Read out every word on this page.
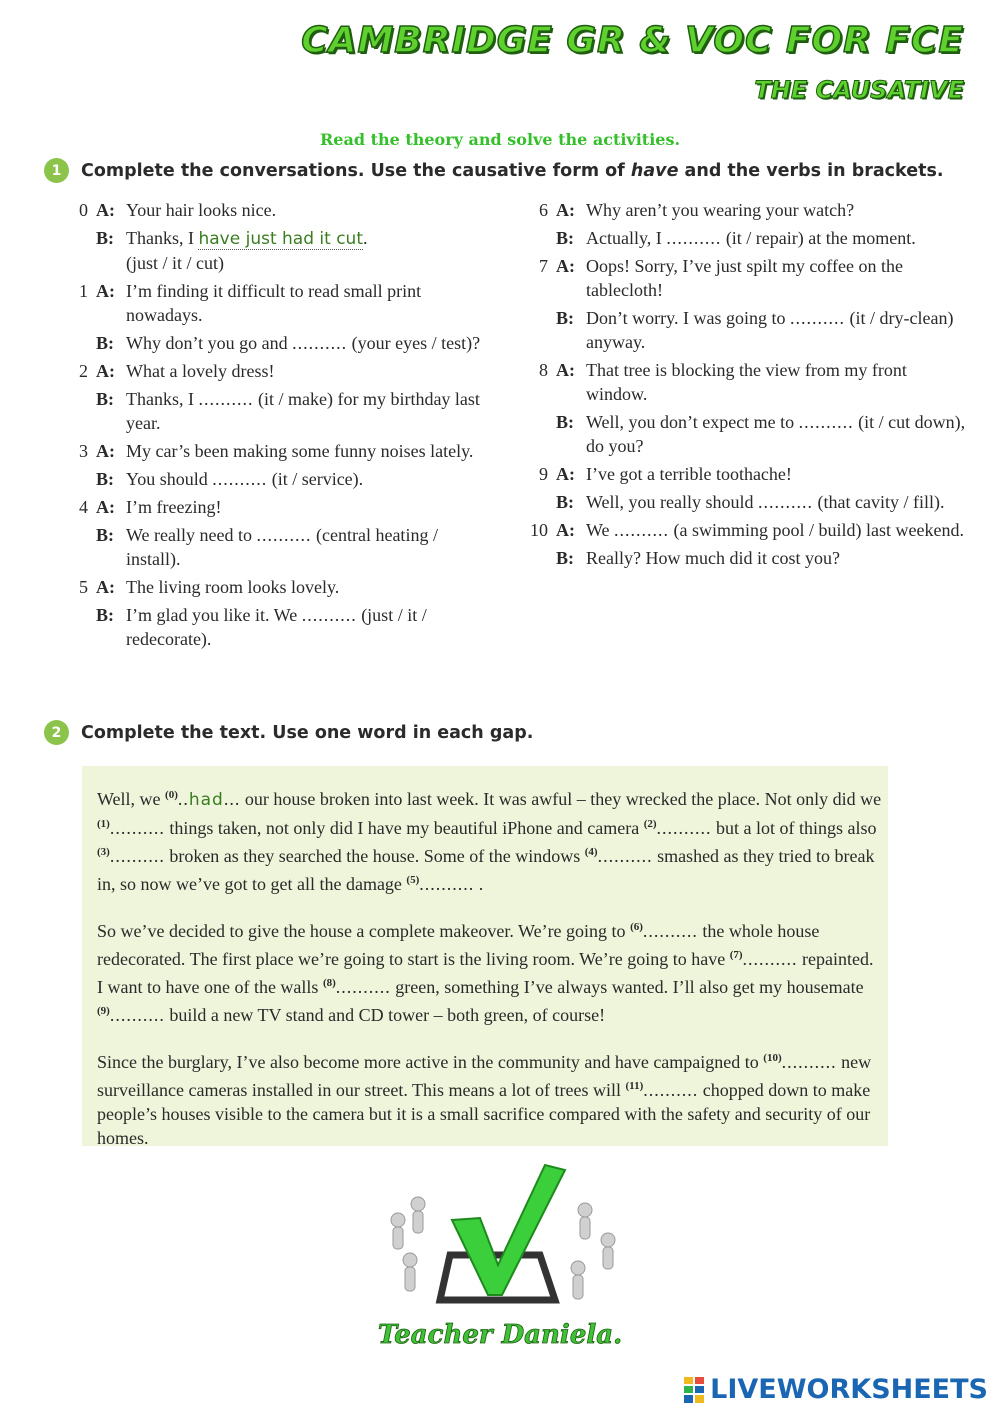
CAMBRIDGE GR & VOC FOR FCE
THE CAUSATIVE
Read the theory and solve the activities.
1	Complete the conversations. Use the causative form of have and the verbs in brackets.
0 A: Your hair looks nice.
B: Thanks, I have just had it cut.
(just / it / cut)
1 A: I’m finding it difficult to read small print nowadays.
B: Why don’t you go and .......... (your eyes / test)?
2 A: What a lovely dress!
B: Thanks, I .......... (it / make) for my birthday last year.
3 A: My car’s been making some funny noises lately.
B: You should .......... (it / service).
4 A: I’m freezing!
B: We really need to .......... (central heating / install).
5 A: The living room looks lovely.
B: I’m glad you like it. We .......... (just / it / redecorate).
6 A: Why aren’t you wearing your watch?
B: Actually, I .......... (it / repair) at the moment.
7 A: Oops! Sorry, I’ve just spilt my coffee on the tablecloth!
B: Don’t worry. I was going to .......... (it / dry-clean) anyway.
8 A: That tree is blocking the view from my front window.
B: Well, you don’t expect me to .......... (it / cut down), do you?
9 A: I’ve got a terrible toothache!
B: Well, you really should .......... (that cavity / fill).
10 A: We .......... (a swimming pool / build) last weekend.
B: Really? How much did it cost you?
2	Complete the text. Use one word in each gap.
Well, we $^{(0)}$..had... our house broken into last week. It was awful – they wrecked the place. Not only did we $^{(1)}$.......... things taken, not only did I have my beautiful iPhone and camera $^{(2)}$.......... but a lot of things also $^{(3)}$.......... broken as they searched the house. Some of the windows $^{(4)}$.......... smashed as they tried to break in, so now we’ve got to get all the damage $^{(5)}$.......... .
So we’ve decided to give the house a complete makeover. We’re going to $^{(6)}$.......... the whole house redecorated. The first place we’re going to start is the living room. We’re going to have $^{(7)}$.......... repainted. I want to have one of the walls $^{(8)}$.......... green, something I’ve always wanted. I’ll also get my housemate $^{(9)}$.......... build a new TV stand and CD tower – both green, of course!
Since the burglary, I’ve also become more active in the community and have campaigned to $^{(10)}$.......... new surveillance cameras installed in our street. This means a lot of trees will $^{(11)}$.......... chopped down to make people’s houses visible to the camera but it is a small sacrifice compared with the safety and security of our homes.
Teacher Daniela.
LIVEWORKSHEETS
